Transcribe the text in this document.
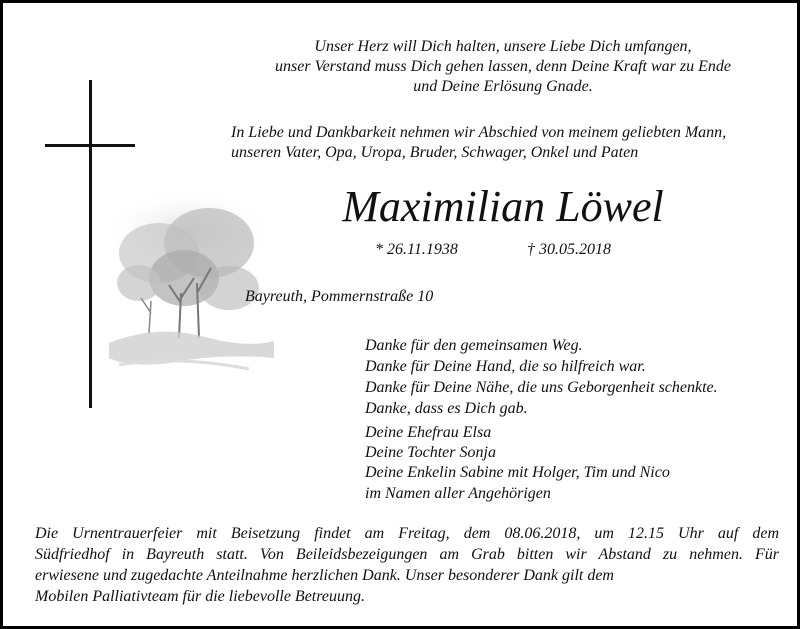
Unser Herz will Dich halten, unsere Liebe Dich umfangen,
unser Verstand muss Dich gehen lassen, denn Deine Kraft war zu Ende
und Deine Erlösung Gnade.
In Liebe und Dankbarkeit nehmen wir Abschied von meinem geliebten Mann,
unseren Vater, Opa, Uropa, Bruder, Schwager, Onkel und Paten
Maximilian Löwel
* 26.11.1938	† 30.05.2018
Bayreuth, Pommernstraße 10
Danke für den gemeinsamen Weg.
Danke für Deine Hand, die so hilfreich war.
Danke für Deine Nähe, die uns Geborgenheit schenkte.
Danke, dass es Dich gab.
Deine Ehefrau Elsa
Deine Tochter Sonja
Deine Enkelin Sabine mit Holger, Tim und Nico
im Namen aller Angehörigen
Die Urnentrauerfeier mit Beisetzung findet am Freitag, dem 08.06.2018, um 12.15 Uhr auf dem
Südfriedhof in Bayreuth statt. Von Beileidsbezeigungen am Grab bitten wir Abstand zu nehmen. Für
erwiesene und zugedachte Anteilnahme herzlichen Dank. Unser besonderer Dank gilt dem
Mobilen Palliativteam für die liebevolle Betreuung.
